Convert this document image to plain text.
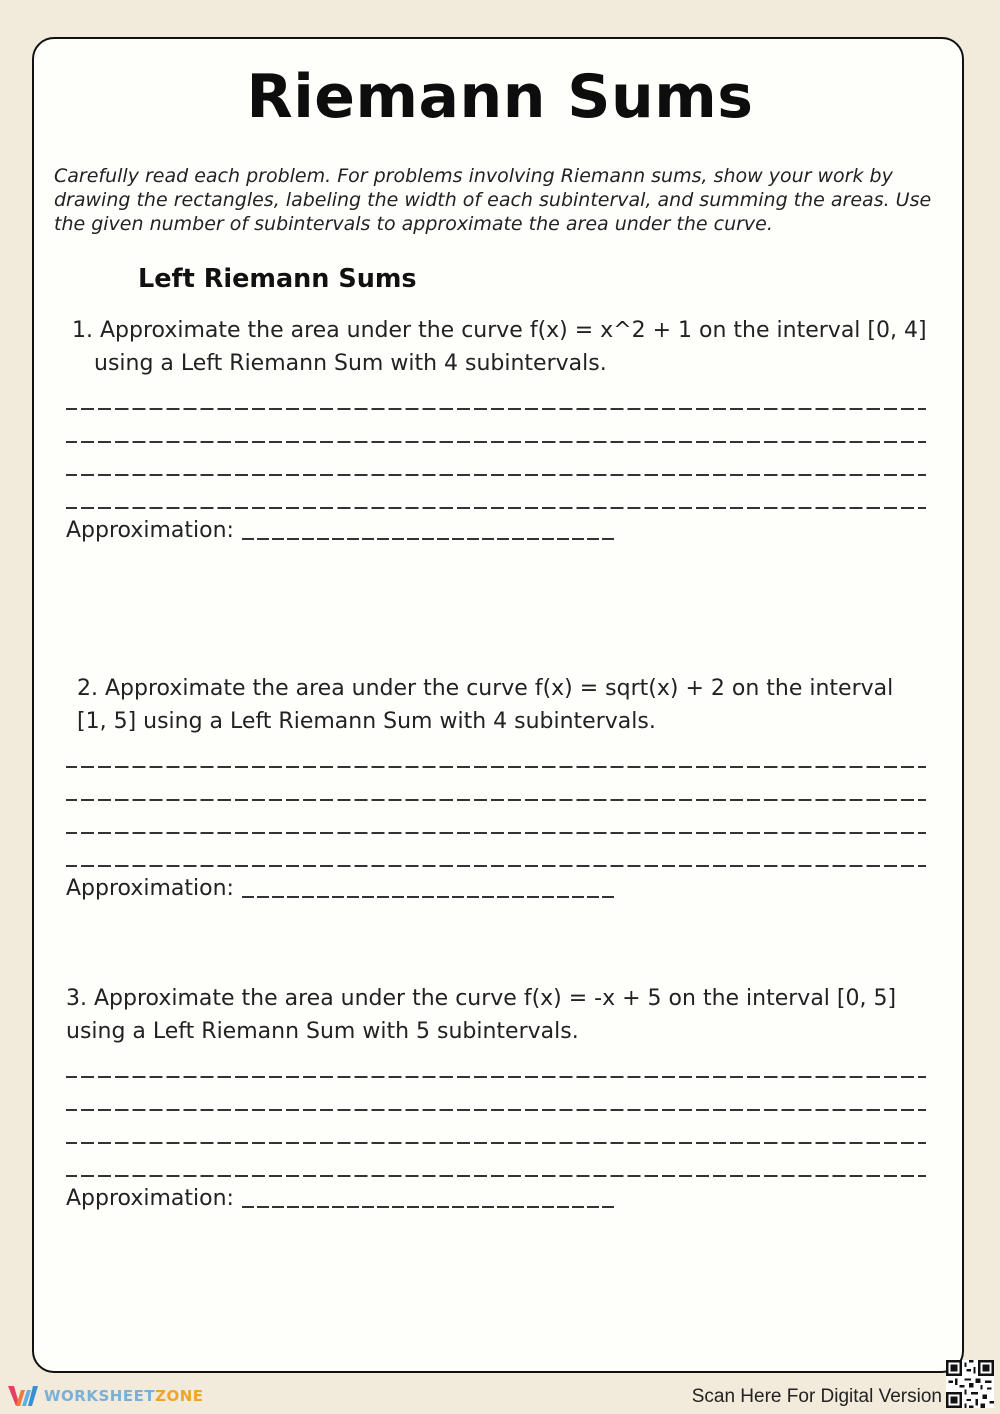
Riemann Sums
Carefully read each problem. For problems involving Riemann sums, show your work by drawing the rectangles, labeling the width of each subinterval, and summing the areas. Use the given number of subintervals to approximate the area under the curve.
Left Riemann Sums
1. Approximate the area under the curve f(x) = x^2 + 1 on the interval [0, 4] using a Left Riemann Sum with 4 subintervals.
Approximation:
2. Approximate the area under the curve f(x) = sqrt(x) + 2 on the interval [1, 5] using a Left Riemann Sum with 4 subintervals.
Approximation:
3. Approximate the area under the curve f(x) = -x + 5 on the interval [0, 5] using a Left Riemann Sum with 5 subintervals.
Approximation:
WORKSHEET ZONE	Scan Here For Digital Version
